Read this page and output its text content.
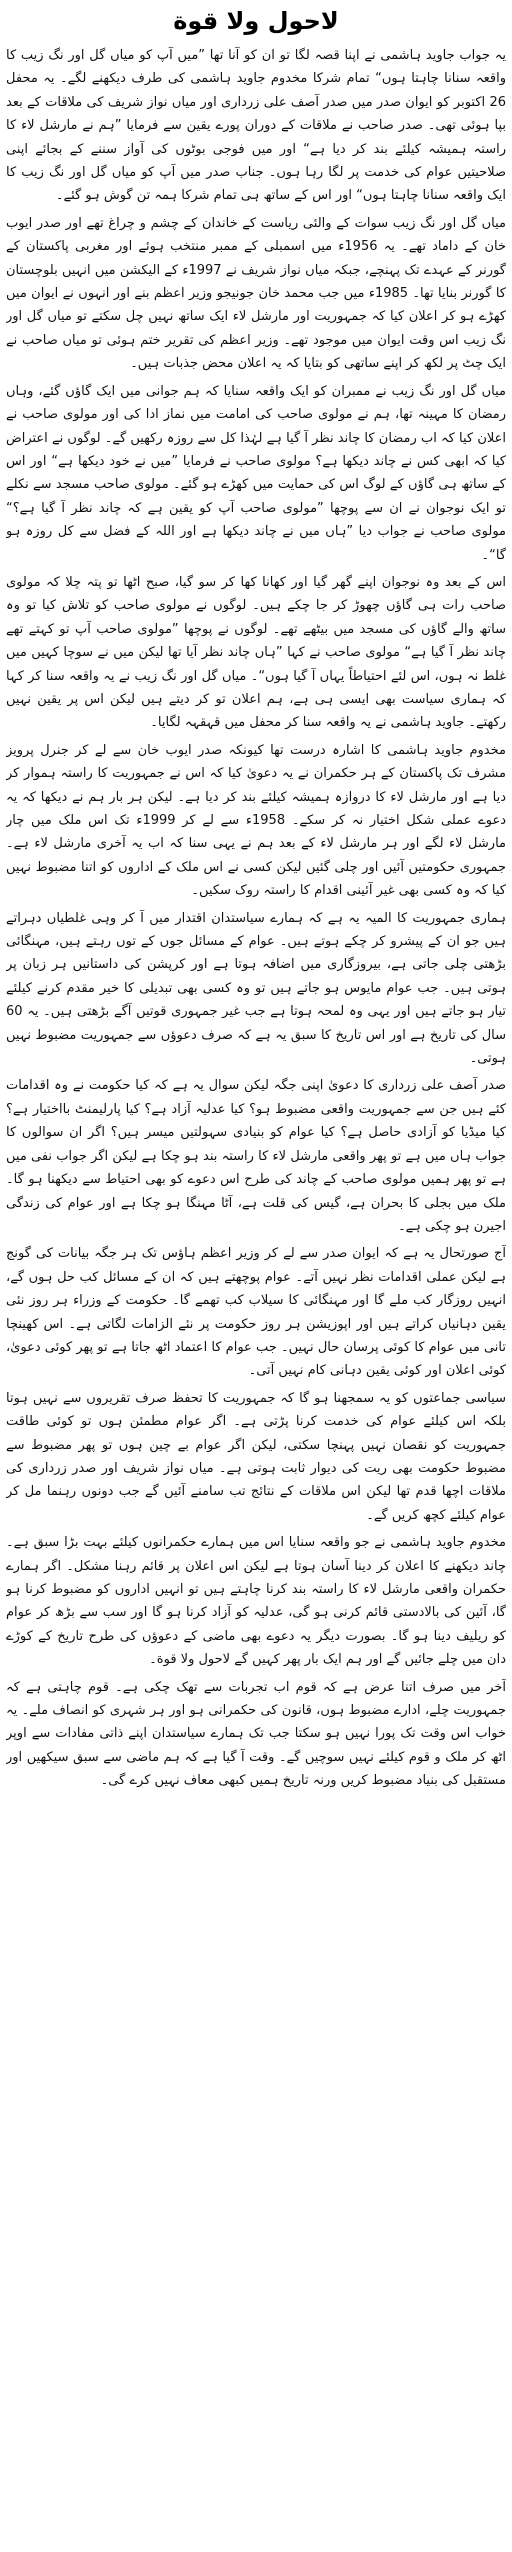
لاحول ولا قوة

یہ جواب جاوید ہاشمی نے اپنا قصہ لگا تو ان کو آنا تھا ”میں آپ کو میاں گل اور نگ زیب کا واقعہ سنانا چاہتا ہوں“ تمام شرکا مخدوم جاوید ہاشمی کی طرف دیکھنے لگے۔ یہ محفل 26 اکتوبر کو ایوان صدر میں صدر آصف علی زرداری اور میاں نواز شریف کی ملاقات کے بعد بپا ہوئی تھی۔ صدر صاحب نے ملاقات کے دوران پورے یقین سے فرمایا ”ہم نے مارشل لاء کا راستہ ہمیشہ کیلئے بند کر دیا ہے“ اور میں فوجی بوٹوں کی آواز سننے کے بجائے اپنی صلاحیتیں عوام کی خدمت پر لگا رہا ہوں۔ جناب صدر میں آپ کو میاں گل اور نگ زیب کا ایک واقعہ سنانا چاہتا ہوں“ اور اس کے ساتھ ہی تمام شرکا ہمہ تن گوش ہو گئے۔

میاں گل اور نگ زیب سوات کے والئی ریاست کے خاندان کے چشم و چراغ تھے اور صدر ایوب خان کے داماد تھے۔ یہ 1956ء میں اسمبلی کے ممبر منتخب ہوئے اور مغربی پاکستان کے گورنر کے عہدے تک پہنچے، جبکہ میاں نواز شریف نے 1997ء کے الیکشن میں انہیں بلوچستان کا گورنر بنایا تھا۔ 1985ء میں جب محمد خان جونیجو وزیر اعظم بنے اور انہوں نے ایوان میں کھڑے ہو کر اعلان کیا کہ جمہوریت اور مارشل لاء ایک ساتھ نہیں چل سکتے تو میاں گل اور نگ زیب اس وقت ایوان میں موجود تھے۔ وزیر اعظم کی تقریر ختم ہوئی تو میاں صاحب نے ایک چٹ پر لکھ کر اپنے ساتھی کو بتایا کہ یہ اعلان محض جذبات ہیں۔

میاں گل اور نگ زیب نے ممبران کو ایک واقعہ سنایا کہ ہم جوانی میں ایک گاؤں گئے، وہاں رمضان کا مہینہ تھا، ہم نے مولوی صاحب کی امامت میں نماز ادا کی اور مولوی صاحب نے اعلان کیا کہ اب رمضان کا چاند نظر آ گیا ہے لہٰذا کل سے روزہ رکھیں گے۔ لوگوں نے اعتراض کیا کہ ابھی کس نے چاند دیکھا ہے؟ مولوی صاحب نے فرمایا ”میں نے خود دیکھا ہے“ اور اس کے ساتھ ہی گاؤں کے لوگ اس کی حمایت میں کھڑے ہو گئے۔ مولوی صاحب مسجد سے نکلے تو ایک نوجوان نے ان سے پوچھا ”مولوی صاحب آپ کو یقین ہے کہ چاند نظر آ گیا ہے؟“ مولوی صاحب نے جواب دیا ”ہاں میں نے چاند دیکھا ہے اور اللہ کے فضل سے کل روزہ ہو گا“۔

اس کے بعد وہ نوجوان اپنے گھر گیا اور کھانا کھا کر سو گیا، صبح اٹھا تو پتہ چلا کہ مولوی صاحب رات ہی گاؤں چھوڑ کر جا چکے ہیں۔ لوگوں نے مولوی صاحب کو تلاش کیا تو وہ ساتھ والے گاؤں کی مسجد میں بیٹھے تھے۔ لوگوں نے پوچھا ”مولوی صاحب آپ تو کہتے تھے چاند نظر آ گیا ہے“ مولوی صاحب نے کہا ”ہاں چاند نظر آیا تھا لیکن میں نے سوچا کہیں میں غلط نہ ہوں، اس لئے احتیاطاً یہاں آ گیا ہوں“۔ میاں گل اور نگ زیب نے یہ واقعہ سنا کر کہا کہ ہماری سیاست بھی ایسی ہی ہے، ہم اعلان تو کر دیتے ہیں لیکن اس پر یقین نہیں رکھتے۔ جاوید ہاشمی نے یہ واقعہ سنا کر محفل میں قہقہہ لگایا۔

مخدوم جاوید ہاشمی کا اشارہ درست تھا کیونکہ صدر ایوب خان سے لے کر جنرل پرویز مشرف تک پاکستان کے ہر حکمران نے یہ دعویٰ کیا کہ اس نے جمہوریت کا راستہ ہموار کر دیا ہے اور مارشل لاء کا دروازہ ہمیشہ کیلئے بند کر دیا ہے۔ لیکن ہر بار ہم نے دیکھا کہ یہ دعوے عملی شکل اختیار نہ کر سکے۔ 1958ء سے لے کر 1999ء تک اس ملک میں چار مارشل لاء لگے اور ہر مارشل لاء کے بعد ہم نے یہی سنا کہ اب یہ آخری مارشل لاء ہے۔ جمہوری حکومتیں آئیں اور چلی گئیں لیکن کسی نے اس ملک کے اداروں کو اتنا مضبوط نہیں کیا کہ وہ کسی بھی غیر آئینی اقدام کا راستہ روک سکیں۔

ہماری جمہوریت کا المیہ یہ ہے کہ ہمارے سیاستدان اقتدار میں آ کر وہی غلطیاں دہراتے ہیں جو ان کے پیشرو کر چکے ہوتے ہیں۔ عوام کے مسائل جوں کے توں رہتے ہیں، مہنگائی بڑھتی چلی جاتی ہے، بیروزگاری میں اضافہ ہوتا ہے اور کرپشن کی داستانیں ہر زبان پر ہوتی ہیں۔ جب عوام مایوس ہو جاتے ہیں تو وہ کسی بھی تبدیلی کا خیر مقدم کرنے کیلئے تیار ہو جاتے ہیں اور یہی وہ لمحہ ہوتا ہے جب غیر جمہوری قوتیں آگے بڑھتی ہیں۔ یہ 60 سال کی تاریخ ہے اور اس تاریخ کا سبق یہ ہے کہ صرف دعوؤں سے جمہوریت مضبوط نہیں ہوتی۔

صدر آصف علی زرداری کا دعویٰ اپنی جگہ لیکن سوال یہ ہے کہ کیا حکومت نے وہ اقدامات کئے ہیں جن سے جمہوریت واقعی مضبوط ہو؟ کیا عدلیہ آزاد ہے؟ کیا پارلیمنٹ بااختیار ہے؟ کیا میڈیا کو آزادی حاصل ہے؟ کیا عوام کو بنیادی سہولتیں میسر ہیں؟ اگر ان سوالوں کا جواب ہاں میں ہے تو پھر واقعی مارشل لاء کا راستہ بند ہو چکا ہے لیکن اگر جواب نفی میں ہے تو پھر ہمیں مولوی صاحب کے چاند کی طرح اس دعوے کو بھی احتیاط سے دیکھنا ہو گا۔ ملک میں بجلی کا بحران ہے، گیس کی قلت ہے، آٹا مہنگا ہو چکا ہے اور عوام کی زندگی اجیرن ہو چکی ہے۔

آج صورتحال یہ ہے کہ ایوان صدر سے لے کر وزیر اعظم ہاؤس تک ہر جگہ بیانات کی گونج ہے لیکن عملی اقدامات نظر نہیں آتے۔ عوام پوچھتے ہیں کہ ان کے مسائل کب حل ہوں گے، انہیں روزگار کب ملے گا اور مہنگائی کا سیلاب کب تھمے گا۔ حکومت کے وزراء ہر روز نئی یقین دہانیاں کراتے ہیں اور اپوزیشن ہر روز حکومت پر نئے الزامات لگاتی ہے۔ اس کھینچا تانی میں عوام کا کوئی پرسان حال نہیں۔ جب عوام کا اعتماد اٹھ جاتا ہے تو پھر کوئی دعویٰ، کوئی اعلان اور کوئی یقین دہانی کام نہیں آتی۔

سیاسی جماعتوں کو یہ سمجھنا ہو گا کہ جمہوریت کا تحفظ صرف تقریروں سے نہیں ہوتا بلکہ اس کیلئے عوام کی خدمت کرنا پڑتی ہے۔ اگر عوام مطمئن ہوں تو کوئی طاقت جمہوریت کو نقصان نہیں پہنچا سکتی، لیکن اگر عوام بے چین ہوں تو پھر مضبوط سے مضبوط حکومت بھی ریت کی دیوار ثابت ہوتی ہے۔ میاں نواز شریف اور صدر زرداری کی ملاقات اچھا قدم تھا لیکن اس ملاقات کے نتائج تب سامنے آئیں گے جب دونوں رہنما مل کر عوام کیلئے کچھ کریں گے۔

مخدوم جاوید ہاشمی نے جو واقعہ سنایا اس میں ہمارے حکمرانوں کیلئے بہت بڑا سبق ہے۔ چاند دیکھنے کا اعلان کر دینا آسان ہوتا ہے لیکن اس اعلان پر قائم رہنا مشکل۔ اگر ہمارے حکمران واقعی مارشل لاء کا راستہ بند کرنا چاہتے ہیں تو انہیں اداروں کو مضبوط کرنا ہو گا، آئین کی بالادستی قائم کرنی ہو گی، عدلیہ کو آزاد کرنا ہو گا اور سب سے بڑھ کر عوام کو ریلیف دینا ہو گا۔ بصورت دیگر یہ دعوے بھی ماضی کے دعوؤں کی طرح تاریخ کے کوڑے دان میں چلے جائیں گے اور ہم ایک بار پھر کہیں گے لاحول ولا قوة۔

آخر میں صرف اتنا عرض ہے کہ قوم اب تجربات سے تھک چکی ہے۔ قوم چاہتی ہے کہ جمہوریت چلے، ادارے مضبوط ہوں، قانون کی حکمرانی ہو اور ہر شہری کو انصاف ملے۔ یہ خواب اس وقت تک پورا نہیں ہو سکتا جب تک ہمارے سیاستدان اپنے ذاتی مفادات سے اوپر اٹھ کر ملک و قوم کیلئے نہیں سوچیں گے۔ وقت آ گیا ہے کہ ہم ماضی سے سبق سیکھیں اور مستقبل کی بنیاد مضبوط کریں ورنہ تاریخ ہمیں کبھی معاف نہیں کرے گی۔
